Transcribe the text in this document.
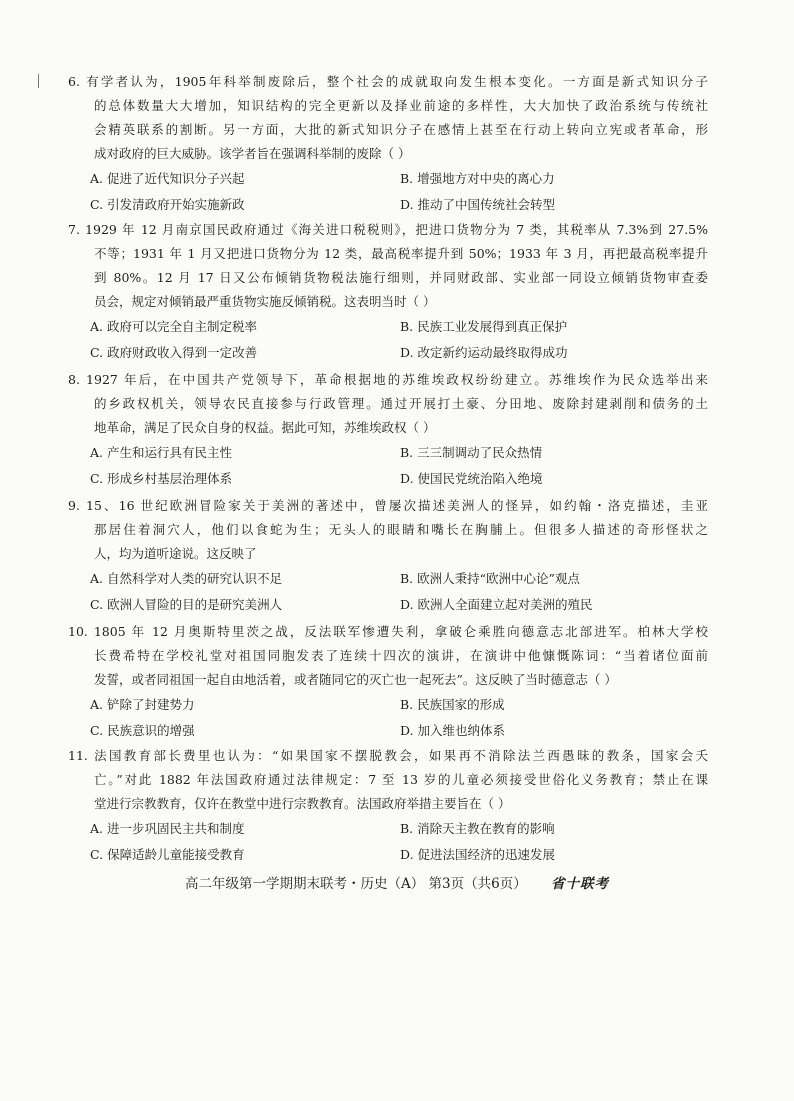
6. 有学者认为，1905年科举制废除后，整个社会的成就取向发生根本变化。一方面是新式知识分子
的总体数量大大增加，知识结构的完全更新以及择业前途的多样性，大大加快了政治系统与传统社
会精英联系的割断。另一方面，大批的新式知识分子在感情上甚至在行动上转向立宪或者革命，形
成对政府的巨大威胁。该学者旨在强调科举制的废除（ ）
A. 促进了近代知识分子兴起	B. 增强地方对中央的离心力
C. 引发清政府开始实施新政	D. 推动了中国传统社会转型
7. 1929 年 12 月南京国民政府通过《海关进口税税则》，把进口货物分为 7 类，其税率从 7.3%到 27.5%
不等；1931 年 1 月又把进口货物分为 12 类，最高税率提升到 50%；1933 年 3 月，再把最高税率提升
到 80%。12 月 17 日又公布倾销货物税法施行细则，并同财政部、实业部一同设立倾销货物审查委
员会，规定对倾销最严重货物实施反倾销税。这表明当时（ ）
A. 政府可以完全自主制定税率	B. 民族工业发展得到真正保护
C. 政府财政收入得到一定改善	D. 改定新约运动最终取得成功
8. 1927 年后，在中国共产党领导下，革命根据地的苏维埃政权纷纷建立。苏维埃作为民众选举出来
的乡政权机关，领导农民直接参与行政管理。通过开展打土豪、分田地、废除封建剥削和债务的土
地革命，满足了民众自身的权益。据此可知，苏维埃政权（ ）
A. 产生和运行具有民主性	B. 三三制调动了民众热情
C. 形成乡村基层治理体系	D. 使国民党统治陷入绝境
9. 15、16 世纪欧洲冒险家关于美洲的著述中，曾屡次描述美洲人的怪异，如约翰・洛克描述，圭亚
那居住着洞穴人，他们以食蛇为生；无头人的眼睛和嘴长在胸脯上。但很多人描述的奇形怪状之
人，均为道听途说。这反映了
A. 自然科学对人类的研究认识不足	B. 欧洲人秉持“欧洲中心论”观点
C. 欧洲人冒险的目的是研究美洲人	D. 欧洲人全面建立起对美洲的殖民
10. 1805 年 12 月奥斯特里茨之战，反法联军惨遭失利，拿破仑乘胜向德意志北部进军。柏林大学校
长费希特在学校礼堂对祖国同胞发表了连续十四次的演讲，在演讲中他慷慨陈词：“当着诸位面前
发誓，或者同祖国一起自由地活着，或者随同它的灭亡也一起死去”。这反映了当时德意志（ ）
A. 铲除了封建势力	B. 民族国家的形成
C. 民族意识的增强	D. 加入维也纳体系
11. 法国教育部长费里也认为：“如果国家不摆脱教会，如果再不消除法兰西愚昧的教条，国家会夭
亡。”对此 1882 年法国政府通过法律规定：7 至 13 岁的儿童必须接受世俗化义务教育；禁止在课
堂进行宗教教育，仅许在教堂中进行宗教教育。法国政府举措主要旨在（ ）
A. 进一步巩固民主共和制度	B. 消除天主教在教育的影响
C. 保障适龄儿童能接受教育	D. 促进法国经济的迅速发展
高二年级第一学期期末联考・历史（A） 第3页（共6页） 省十联考
